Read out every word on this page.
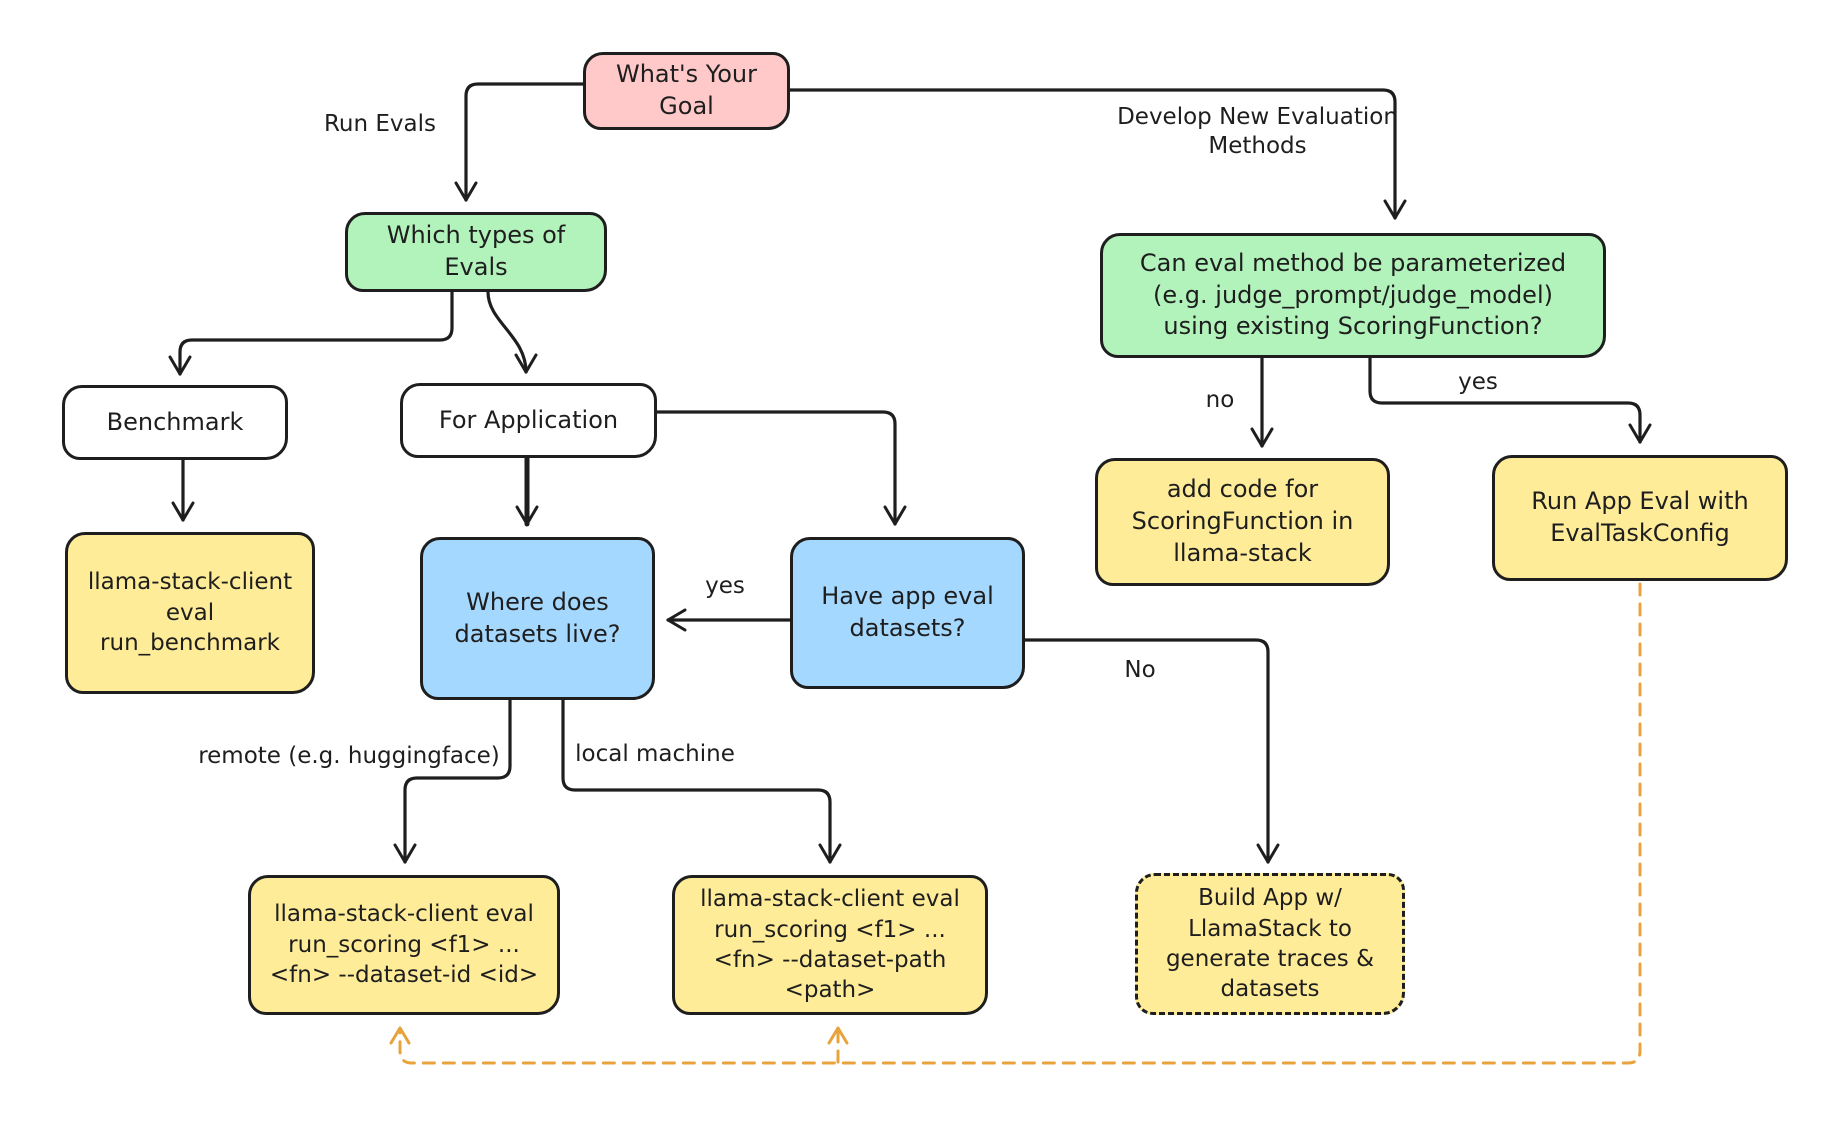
What's Your Goal
Which types of Evals
Benchmark	For Application
llama-stack-client eval run_benchmark
Where does datasets live?
Have app eval datasets?
Can eval method be parameterized (e.g. judge_prompt/judge_model) using existing ScoringFunction?
add code for ScoringFunction in llama-stack
Run App Eval with EvalTaskConfig
llama-stack-client eval run_scoring <f1> ... <fn> --dataset-id <id>
llama-stack-client eval run_scoring <f1> ... <fn> --dataset-path <path>
Build App w/ LlamaStack to generate traces & datasets
Run Evals	Develop New Evaluation Methods
no
yes
yes
No
remote (e.g. huggingface)	local machine
